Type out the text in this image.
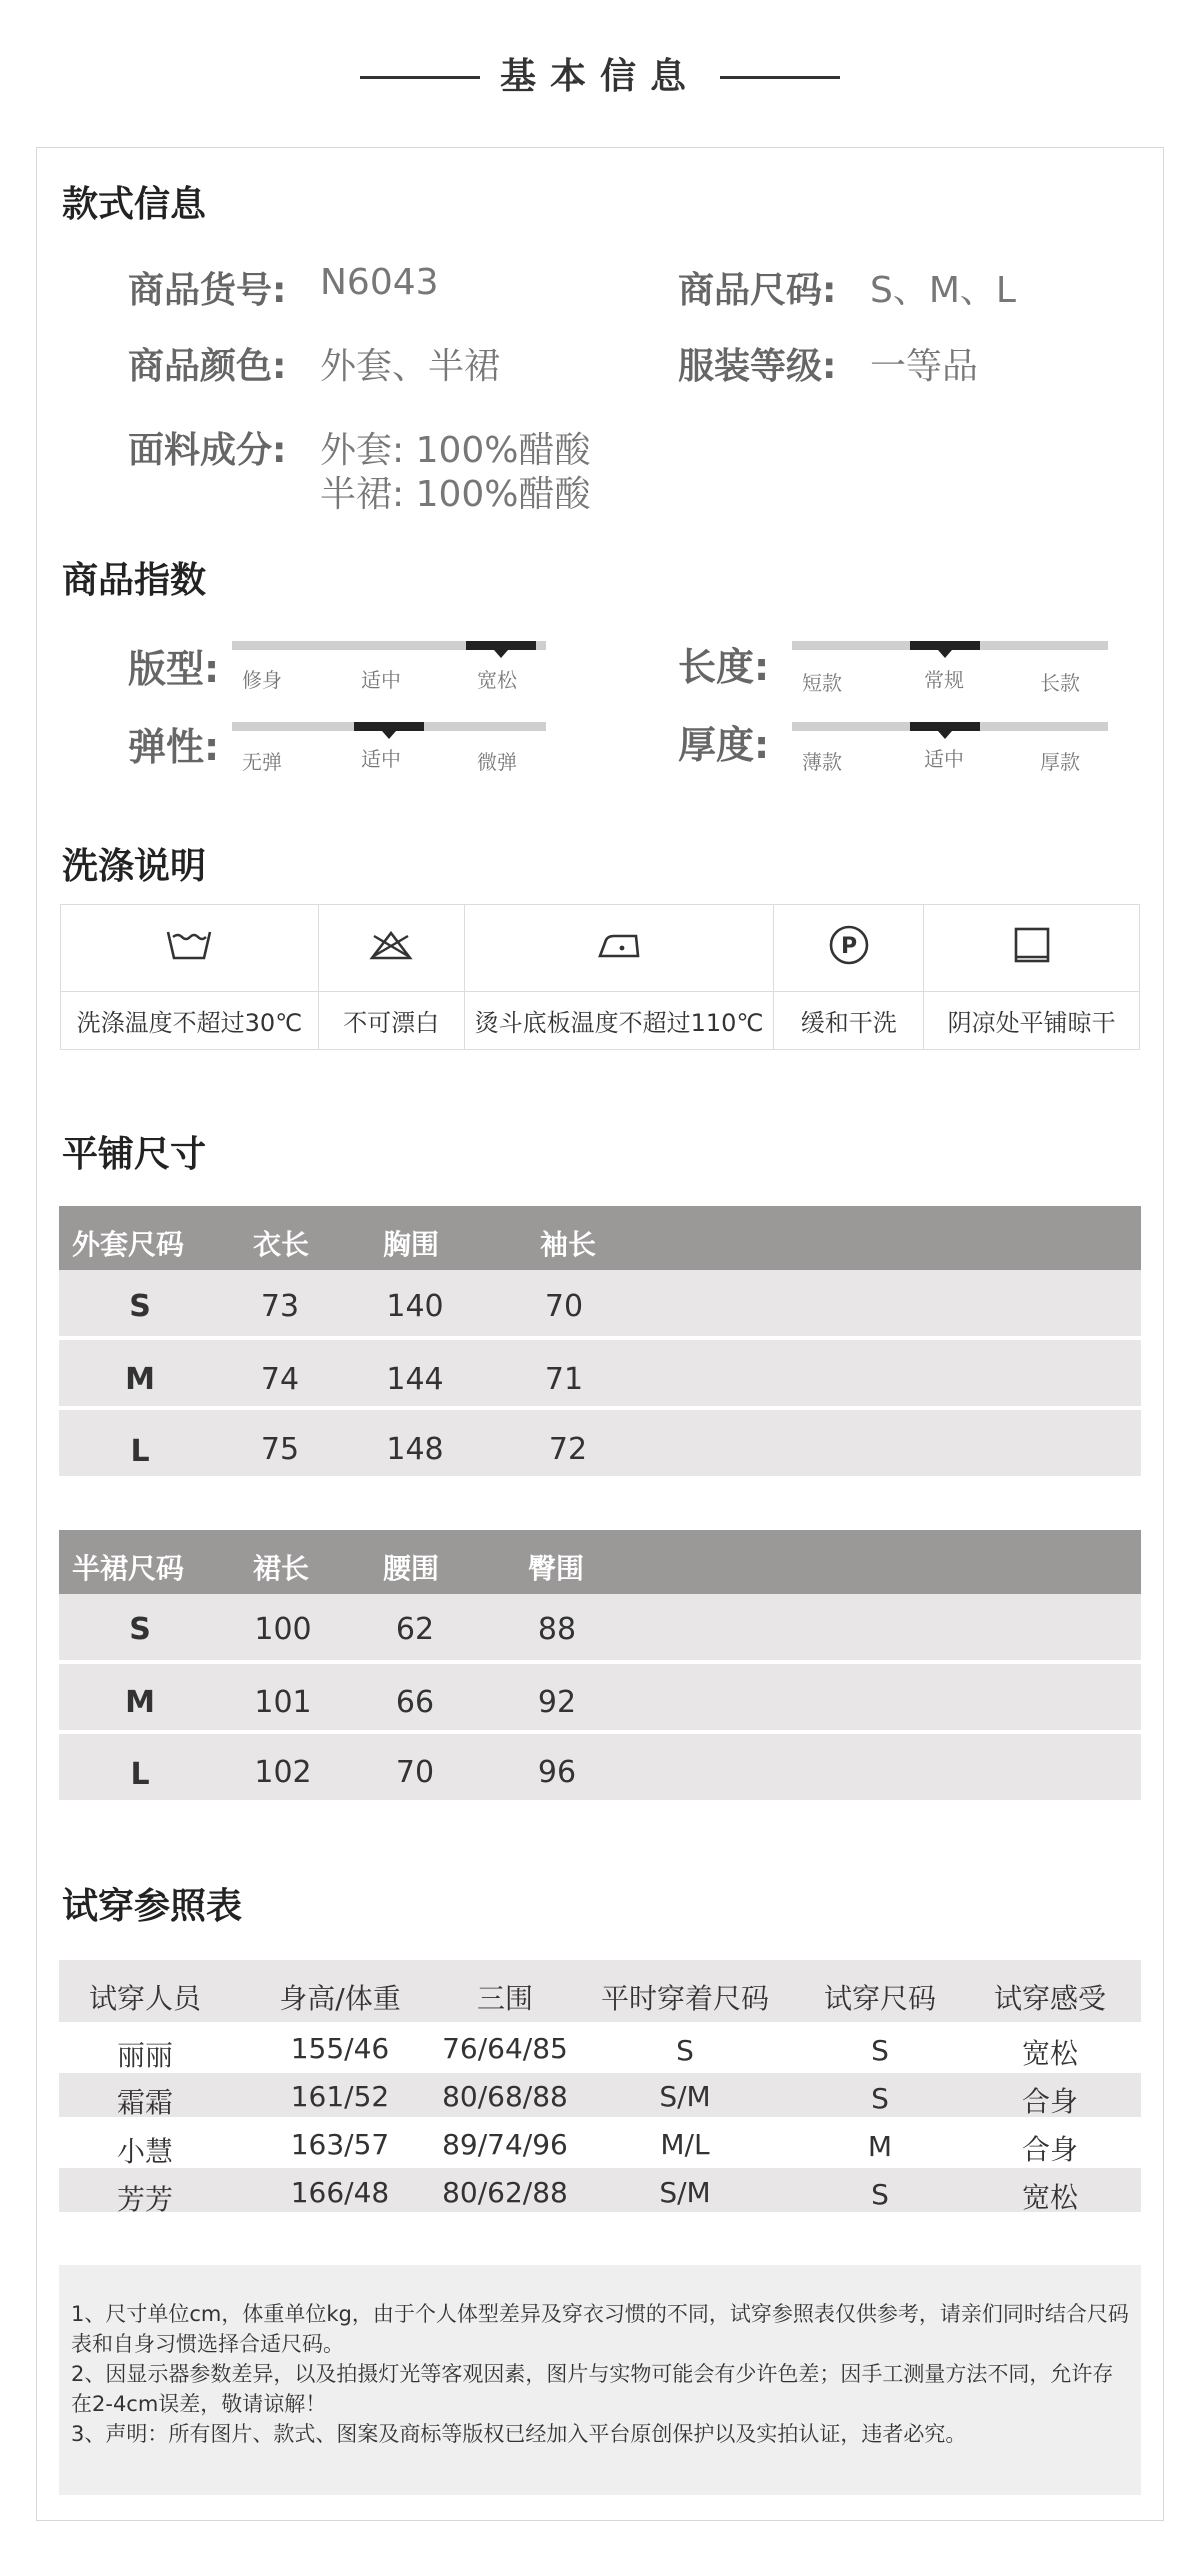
基本信息
款式信息
商品货号: N6043	商品尺码: S、M、L
商品颜色: 外套、半裙	服装等级: 一等品
面料成分: 外套: 100%醋酸
半裙: 100%醋酸
商品指数
版型: 修身	适中	宽松	长度: 短款	常规	长款
弹性: 无弹	适中	微弹	厚度: 薄款	适中	厚款
洗涤说明

P

洗涤温度不超过30℃	不可漂白	烫斗底板温度不超过110℃	缓和干洗	阴凉处平铺晾干
平铺尺寸
外套尺码 衣长	胸围	袖长
S	73	140	70
M	74	144	71
L	75	148	72
半裙尺码 裙长	腰围	臀围
S	100	62	88
M	101	66	92
L	102	70	96
试穿参照表
试穿人员	身高/体重	三围	平时穿着尺码	试穿尺码	试穿感受
丽丽	155/46	76/64/85	S	S	宽松
霜霜	161/52	80/68/88	S/M	S	合身
小慧	163/57	89/74/96	M/L	M	合身
芳芳	166/48	80/62/88	S/M	S	宽松
1、尺寸单位cm，体重单位kg，由于个人体型差异及穿衣习惯的不同，试穿参照表仅供参考，请亲们同时结合尺码表和自身习惯选择合适尺码。
2、因显示器参数差异，以及拍摄灯光等客观因素，图片与实物可能会有少许色差；因手工测量方法不同，允许存在2-4cm误差，敬请谅解！
3、声明：所有图片、款式、图案及商标等版权已经加入平台原创保护以及实拍认证，违者必究。
